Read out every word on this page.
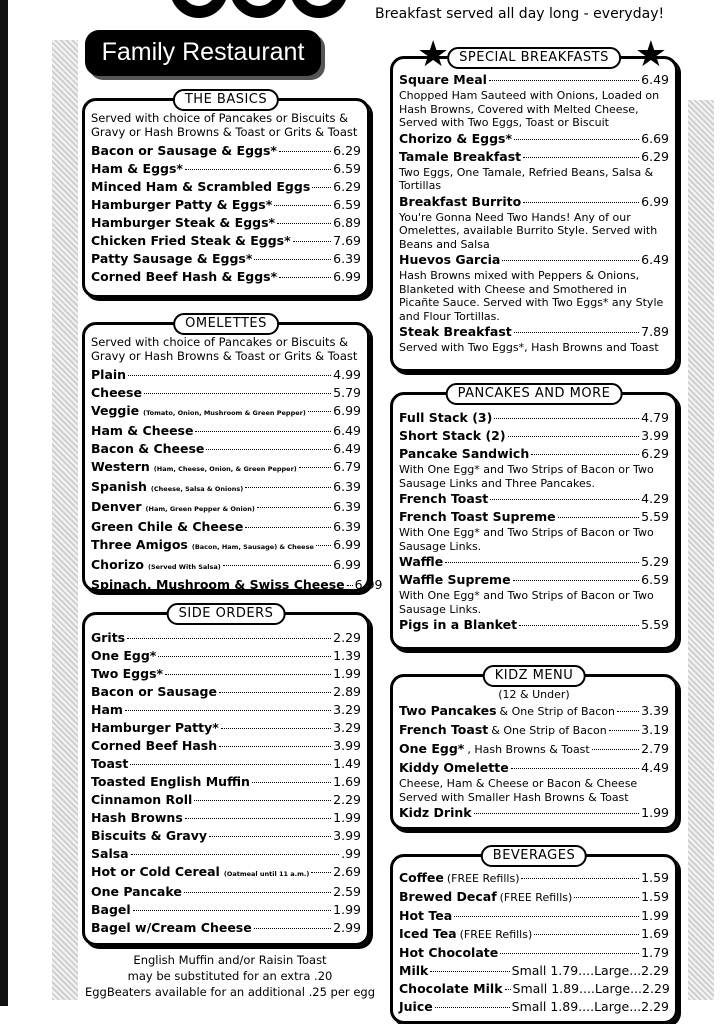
Family Restaurant
Breakfast served all day long - everyday!
THE BASICS
Served with choice of Pancakes or Biscuits & Gravy or Hash Browns & Toast or Grits & Toast
Bacon or Sausage & Eggs*	6.29
Ham & Eggs*	6.59
Minced Ham & Scrambled Eggs 6.29
Hamburger Patty & Eggs*	6.59
Hamburger Steak & Eggs*	6.89
Chicken Fried Steak & Eggs*	7.69
Patty Sausage & Eggs*	6.39
Corned Beef Hash & Eggs*	6.99
OMELETTES
Served with choice of Pancakes or Biscuits & Gravy or Hash Browns & Toast or Grits & Toast
Plain	4.99
Cheese	5.79
Veggie (Tomato, Onion, Mushroom & Green Pepper) 6.99
Ham & Cheese	6.49
Bacon & Cheese	6.49
Western (Ham, Cheese, Onion, & Green Pepper)	6.79
Spanish (Cheese, Salsa & Onions)	6.39
Denver (Ham, Green Pepper & Onion)	6.39
Green Chile & Cheese	6.39
Three Amigos (Bacon, Ham, Sausage) & Cheese 6.99
Chorizo (Served With Salsa)	6.99
Spinach, Mushroom & Swiss Cheese 6.99
SIDE ORDERS
Grits	2.29
One Egg*	1.39
Two Eggs*	1.99
Bacon or Sausage	2.89
Ham	3.29
Hamburger Patty*	3.29
Corned Beef Hash	3.99
Toast	1.49
Toasted English Muffin	1.69
Cinnamon Roll	2.29
Hash Browns	1.99
Biscuits & Gravy	3.99
Salsa	.99
Hot or Cold Cereal (Oatmeal until 11 a.m.) 2.69
One Pancake	2.59
Bagel	1.99
Bagel w/Cream Cheese	2.99
English Muffin and/or Raisin Toast
may be substituted for an extra .20
EggBeaters available for an additional .25 per egg
SPECIAL BREAKFASTS
★	★
Square Meal	6.49
Chopped Ham Sauteed with Onions, Loaded on Hash Browns, Covered with Melted Cheese, Served with Two Eggs, Toast or Biscuit
Chorizo & Eggs*	6.69
Tamale Breakfast	6.29
Two Eggs, One Tamale, Refried Beans, Salsa & Tortillas
Breakfast Burrito	6.99
You're Gonna Need Two Hands! Any of our Omelettes, available Burrito Style. Served with Beans and Salsa
Huevos Garcia	6.49
Hash Browns mixed with Peppers & Onions, Blanketed with Cheese and Smothered in Picañte Sauce. Served with Two Eggs* any Style and Flour Tortillas.
Steak Breakfast	7.89
Served with Two Eggs*, Hash Browns and Toast
PANCAKES AND MORE
Full Stack (3)	4.79
Short Stack (2)	3.99
Pancake Sandwich	6.29
With One Egg* and Two Strips of Bacon or Two Sausage Links and Three Pancakes.
French Toast	4.29
French Toast Supreme	5.59
With One Egg* and Two Strips of Bacon or Two Sausage Links.
Waffle	5.29
Waffle Supreme	6.59
With One Egg* and Two Strips of Bacon or Two Sausage Links.
Pigs in a Blanket	5.59
KIDZ MENU
(12 & Under)
Two Pancakes & One Strip of Bacon 3.39
French Toast & One Strip of Bacon	3.19
One Egg* , Hash Browns & Toast	2.79
Kiddy Omelette	4.49
Cheese, Ham & Cheese or Bacon & Cheese Served with Smaller Hash Browns & Toast
Kidz Drink	1.99
BEVERAGES
Coffee (FREE Refills)	1.59
Brewed Decaf (FREE Refills)	1.59
Hot Tea	1.99
Iced Tea (FREE Refills)	1.69
Hot Chocolate	1.79
Milk	Small 1.79....Large...2.29
Chocolate Milk Small 1.89....Large...2.29
Juice	Small 1.89....Large...2.29
